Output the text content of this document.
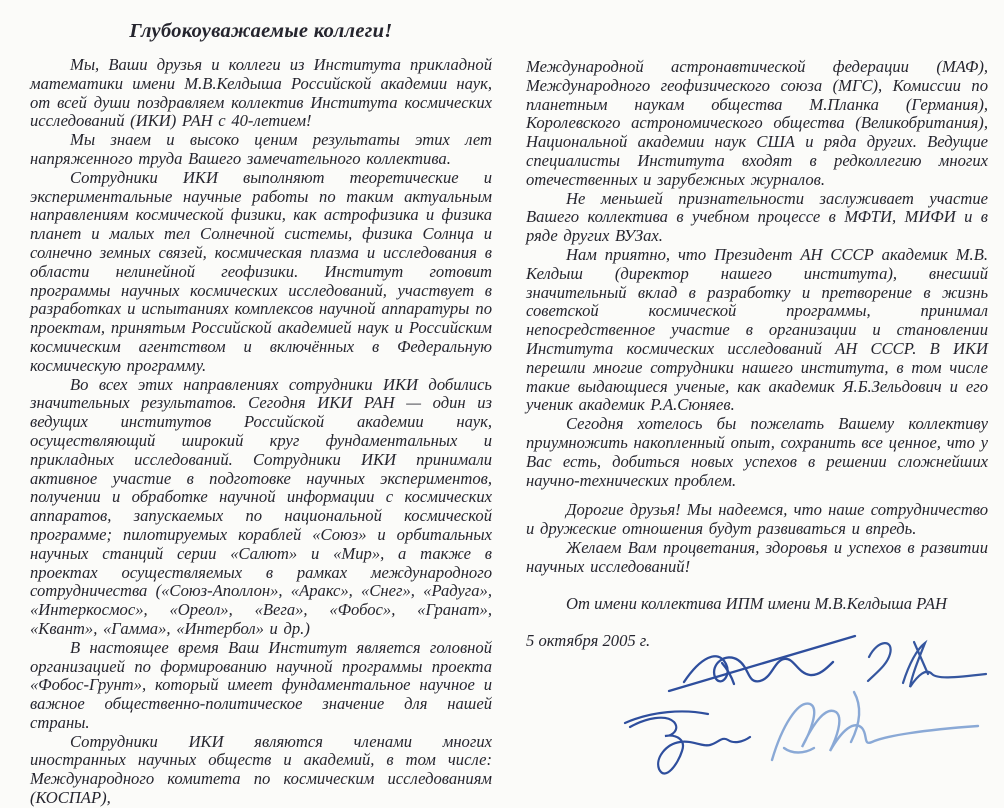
Глубокоуважаемые коллеги!

Мы, Ваши друзья и коллеги из Института прикладной математики имени М.В.Келдыша Российской академии наук, от всей души поздравляем коллектив Института космических исследований (ИКИ) РАН с 40-летием!

Мы знаем и высоко ценим результаты этих лет напряженного труда Вашего замечательного коллектива.

Сотрудники ИКИ выполняют теоретические и экспериментальные научные работы по таким актуальным направлениям космической физики, как астрофизика и физика планет и малых тел Солнечной системы, физика Солнца и солнечно земных связей, космическая плазма и исследования в области нелинейной геофизики. Институт готовит программы научных космических исследований, участвует в разработках и испытаниях комплексов научной аппаратуры по проектам, принятым Российской академией наук и Российским космическим агентством и включённых в Федеральную космическую программу.

Во всех этих направлениях сотрудники ИКИ добились значительных результатов. Сегодня ИКИ РАН — один из ведущих институтов Российской академии наук, осуществляющий широкий круг фундаментальных и прикладных исследований. Сотрудники ИКИ принимали активное участие в подготовке научных экспериментов, получении и обработке научной информации с космических аппаратов, запускаемых по национальной космической программе; пилотируемых кораблей «Союз» и орбитальных научных станций серии «Салют» и «Мир», а также в проектах осуществляемых в рамках международного сотрудничества («Союз-Аполлон», «Аракс», «Снег», «Радуга», «Интеркосмос», «Ореол», «Вега», «Фобос», «Гранат», «Квант», «Гамма», «Интербол» и др.)

В настоящее время Ваш Институт является головной организацией по формированию научной программы проекта «Фобос-Грунт», который имеет фундаментальное научное и важное общественно-политическое значение для нашей страны.

Сотрудники ИКИ являются членами многих иностранных научных обществ и академий, в том числе: Международного комитета по космическим исследованиям (КОСПАР),

Международной астронавтической федерации (МАФ), Международного геофизического союза (МГС), Комиссии по планетным наукам общества М.Планка (Германия), Королевского астрономического общества (Великобритания), Национальной академии наук США и ряда других. Ведущие специалисты Института входят в редколлегию многих отечественных и зарубежных журналов.

Не меньшей признательности заслуживает участие Вашего коллектива в учебном процессе в МФТИ, МИФИ и в ряде других ВУЗах.

Нам приятно, что Президент АН СССР академик М.В. Келдыш (директор нашего института), внесший значительный вклад в разработку и претворение в жизнь советской космической программы, принимал непосредственное участие в организации и становлении Института космических исследований АН СССР. В ИКИ перешли многие сотрудники нашего института, в том числе такие выдающиеся ученые, как академик Я.Б.Зельдович и его ученик академик Р.А.Сюняев.

Сегодня хотелось бы пожелать Вашему коллективу приумножить накопленный опыт, сохранить все ценное, что у Вас есть, добиться новых успехов в решении сложнейших научно-технических проблем.

Дорогие друзья! Мы надеемся, что наше сотрудничество и дружеские отношения будут развиваться и впредь.

Желаем Вам процветания, здоровья и успехов в развитии научных исследований!

От имени коллектива ИПМ имени М.В.Келдыша РАН

5 октября 2005 г.
